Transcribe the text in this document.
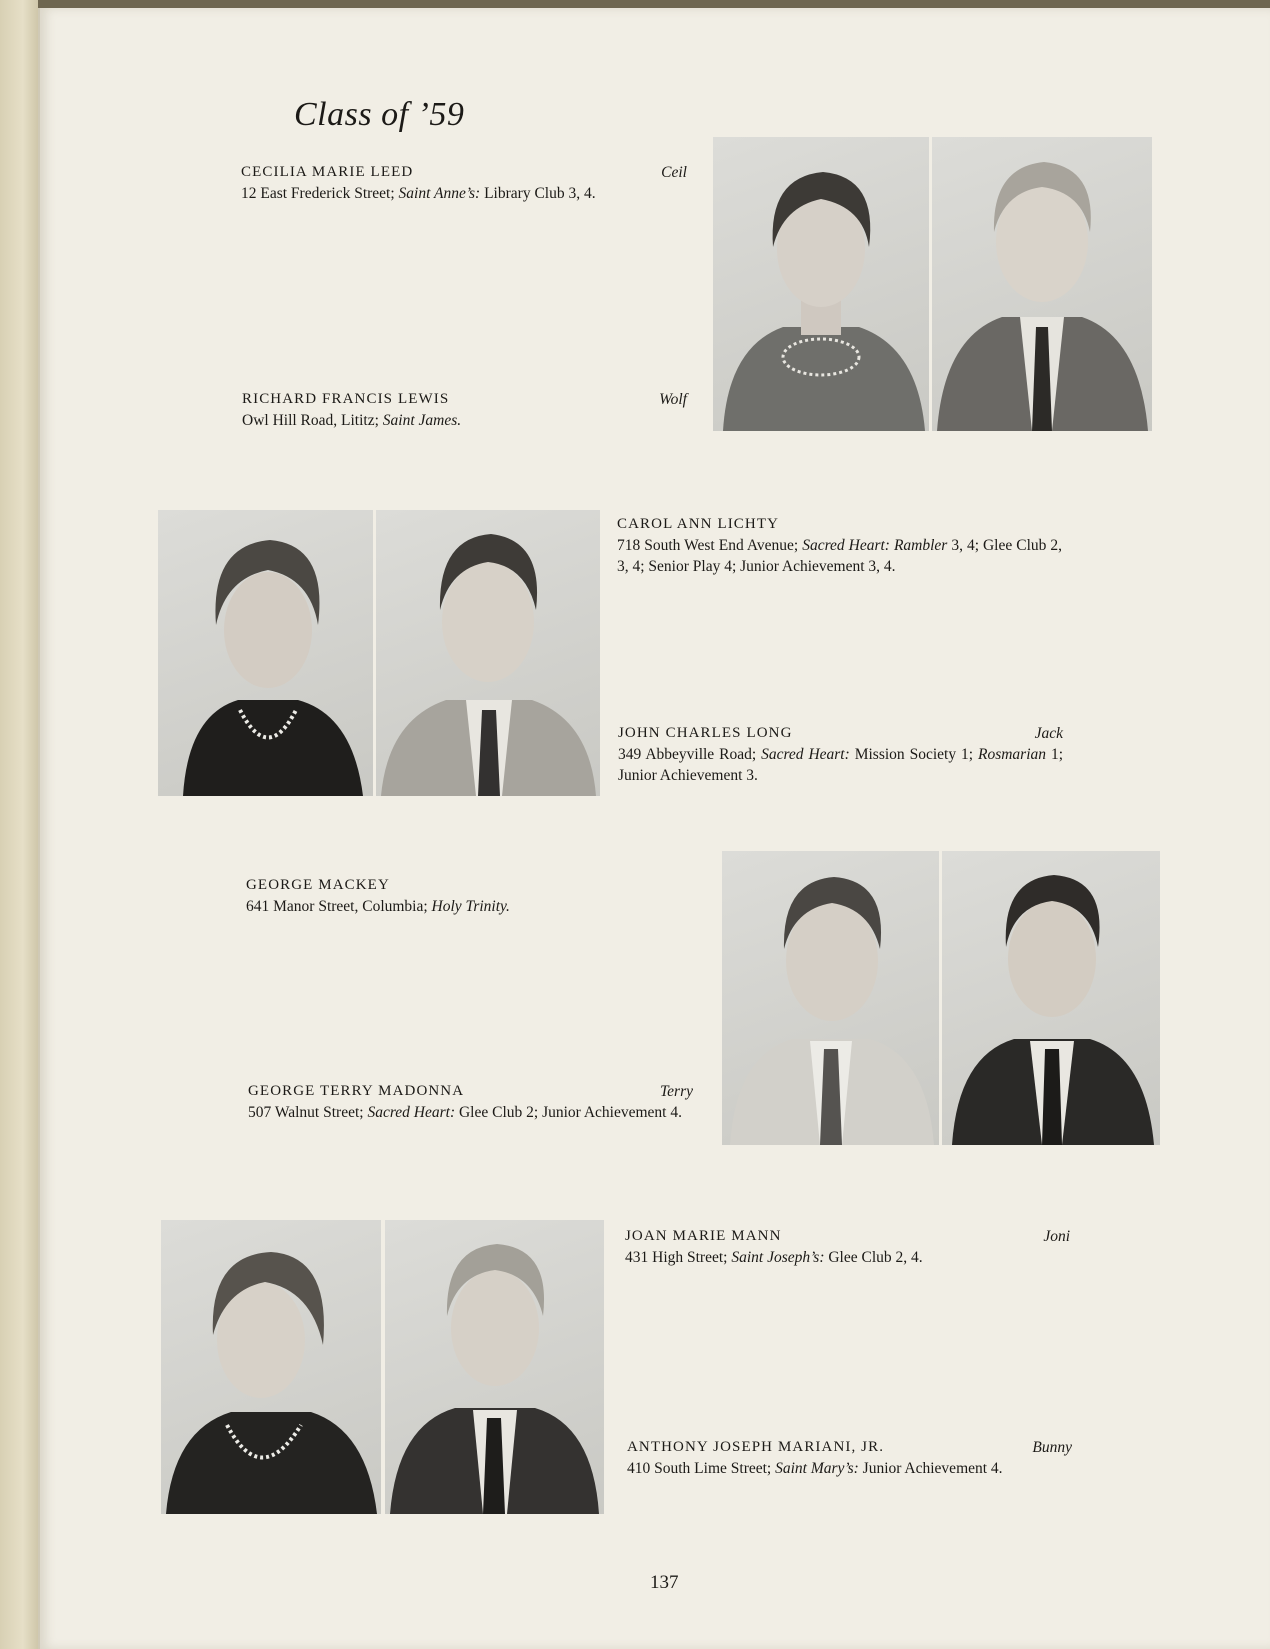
Class of ’59
CECILIA MARIE LEED	Ceil
12 East Frederick Street; Saint Anne’s: Library Club 3, 4.
RICHARD FRANCIS LEWIS	Wolf
Owl Hill Road, Lititz; Saint James.
CAROL ANN LICHTY
718 South West End Avenue; Sacred Heart: Rambler 3, 4; Glee Club 2, 3, 4; Senior Play 4; Junior Achievement 3, 4.
JOHN CHARLES LONG	Jack
349 Abbeyville Road; Sacred Heart: Mission Society 1; Rosmarian 1; Junior Achievement 3.
GEORGE MACKEY
641 Manor Street, Columbia; Holy Trinity.
GEORGE TERRY MADONNA	Terry
507 Walnut Street; Sacred Heart: Glee Club 2; Junior Achievement 4.
JOAN MARIE MANN	Joni
431 High Street; Saint Joseph’s: Glee Club 2, 4.
ANTHONY JOSEPH MARIANI, JR.	Bunny
410 South Lime Street; Saint Mary’s: Junior Achievement 4.
137
